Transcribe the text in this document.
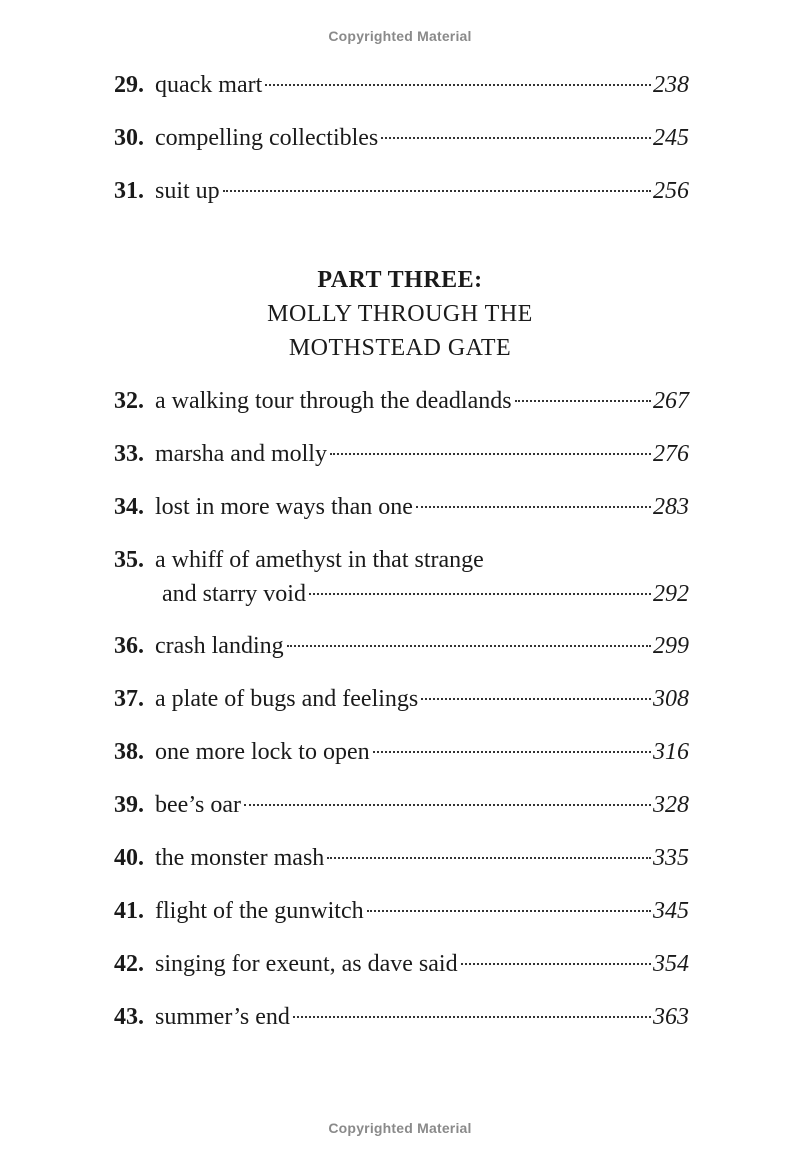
Copyrighted Material
29. quack mart	238
30. compelling collectibles	245
31. suit up	256
PART THREE:
MOLLY THROUGH THE
MOTHSTEAD GATE
32. a walking tour through the deadlands	267
33. marsha and molly	276
34. lost in more ways than one	283
35. a whiff of amethyst in that strange
and starry void	292
36. crash landing	299
37. a plate of bugs and feelings	308
38. one more lock to open	316
39. bee’s oar	328
40. the monster mash	335
41. flight of the gunwitch	345
42. singing for exeunt, as dave said	354
43. summer’s end	363
Copyrighted Material
